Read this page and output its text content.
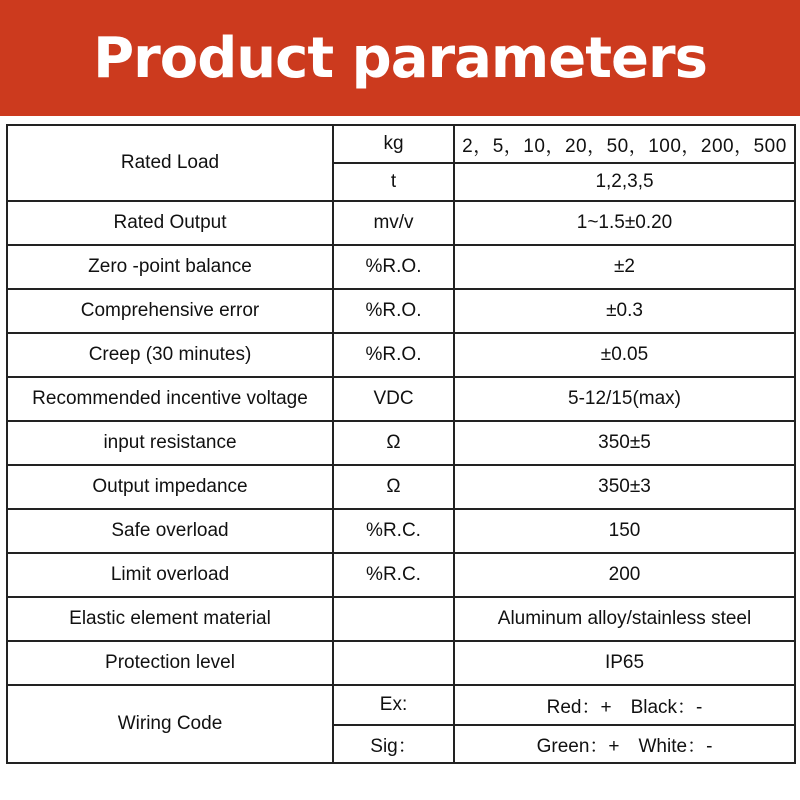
Product parameters
Rated Load	kg	2，5，10，20，50，100，200，500
	t	1,2,3,5
Rated Output	mv/v	1~1.5±0.20
Zero -point balance	%R.O.	±2
Comprehensive error	%R.O.	±0.3
Creep (30 minutes)	%R.O.	±0.05
Recommended incentive voltage	VDC	5-12/15(max)
input resistance	Ω	350±5
Output impedance	Ω	350±3
Safe overload	%R.C.	150
Limit overload	%R.C.	200
Elastic element material		Aluminum alloy/stainless steel
Protection level		IP65
Wiring Code	Ex:	Red：+　Black：-
	Sig：	Green：+　White：-
